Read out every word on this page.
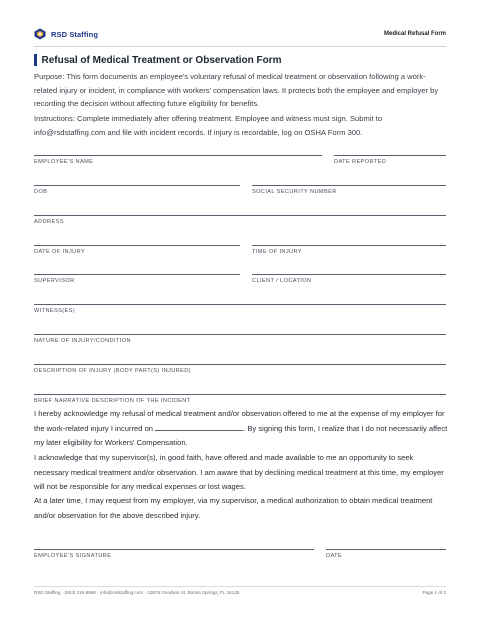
RSD Staffing	Medical Refusal Form
Refusal of Medical Treatment or Observation Form
Purpose: This form documents an employee's voluntary refusal of medical treatment or observation following a work-related injury or incident, in compliance with workers' compensation laws. It protects both the employee and employer by recording the decision without affecting future eligibility for benefits.
Instructions: Complete immediately after offering treatment. Employee and witness must sign. Submit to info@rsdstaffing.com and file with incident records. If injury is recordable, log on OSHA Form 300.
EMPLOYEE'S NAME	DATE REPORTED
DOB	SOCIAL SECURITY NUMBER
ADDRESS
DATE OF INJURY	TIME OF INJURY
SUPERVISOR	CLIENT / LOCATION
WITNESS(ES)
NATURE OF INJURY/CONDITION
DESCRIPTION OF INJURY (BODY PART(S) INJURED)
BRIEF NARRATIVE DESCRIPTION OF THE INCIDENT
I hereby acknowledge my refusal of medical treatment and/or observation offered to me at the expense of my employer for the work-related injury I incurred on	. By signing this form, I realize that I do not necessarily affect my later eligibility for Workers' Compensation.
I acknowledge that my supervisor(s), in good faith, have offered and made available to me an opportunity to seek necessary medical treatment and/or observation. I am aware that by declining medical treatment at this time, my employer will not be responsible for any medical expenses or lost wages.
At a later time, I may request from my employer, via my supervisor, a medical authorization to obtain medical treatment and/or observation for the above described injury.
EMPLOYEE'S SIGNATURE	DATE
RSD Staffing · (863) 216-8966 · info@rsdstaffing.com · 10575 Goodwin St, Bonita Springs, FL 34135	Page 1 of 2
